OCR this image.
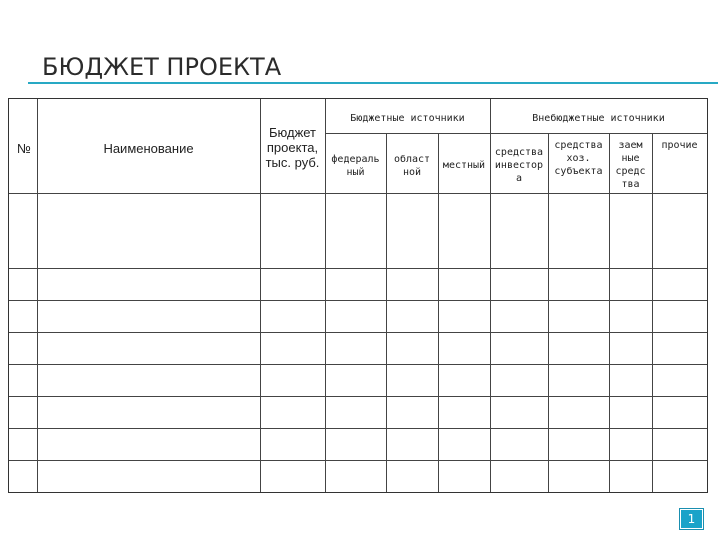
БЮДЖЕТ ПРОЕКТА
№	Наименование
Бюджет
проекта,
тыс. руб.
Бюджетные источники	Внебюджетные источники
федераль
ный
област
ной
местный
средства
инвестор
а
средства
хоз.
субъекта
заем
ные
средс
тва
прочие
1
